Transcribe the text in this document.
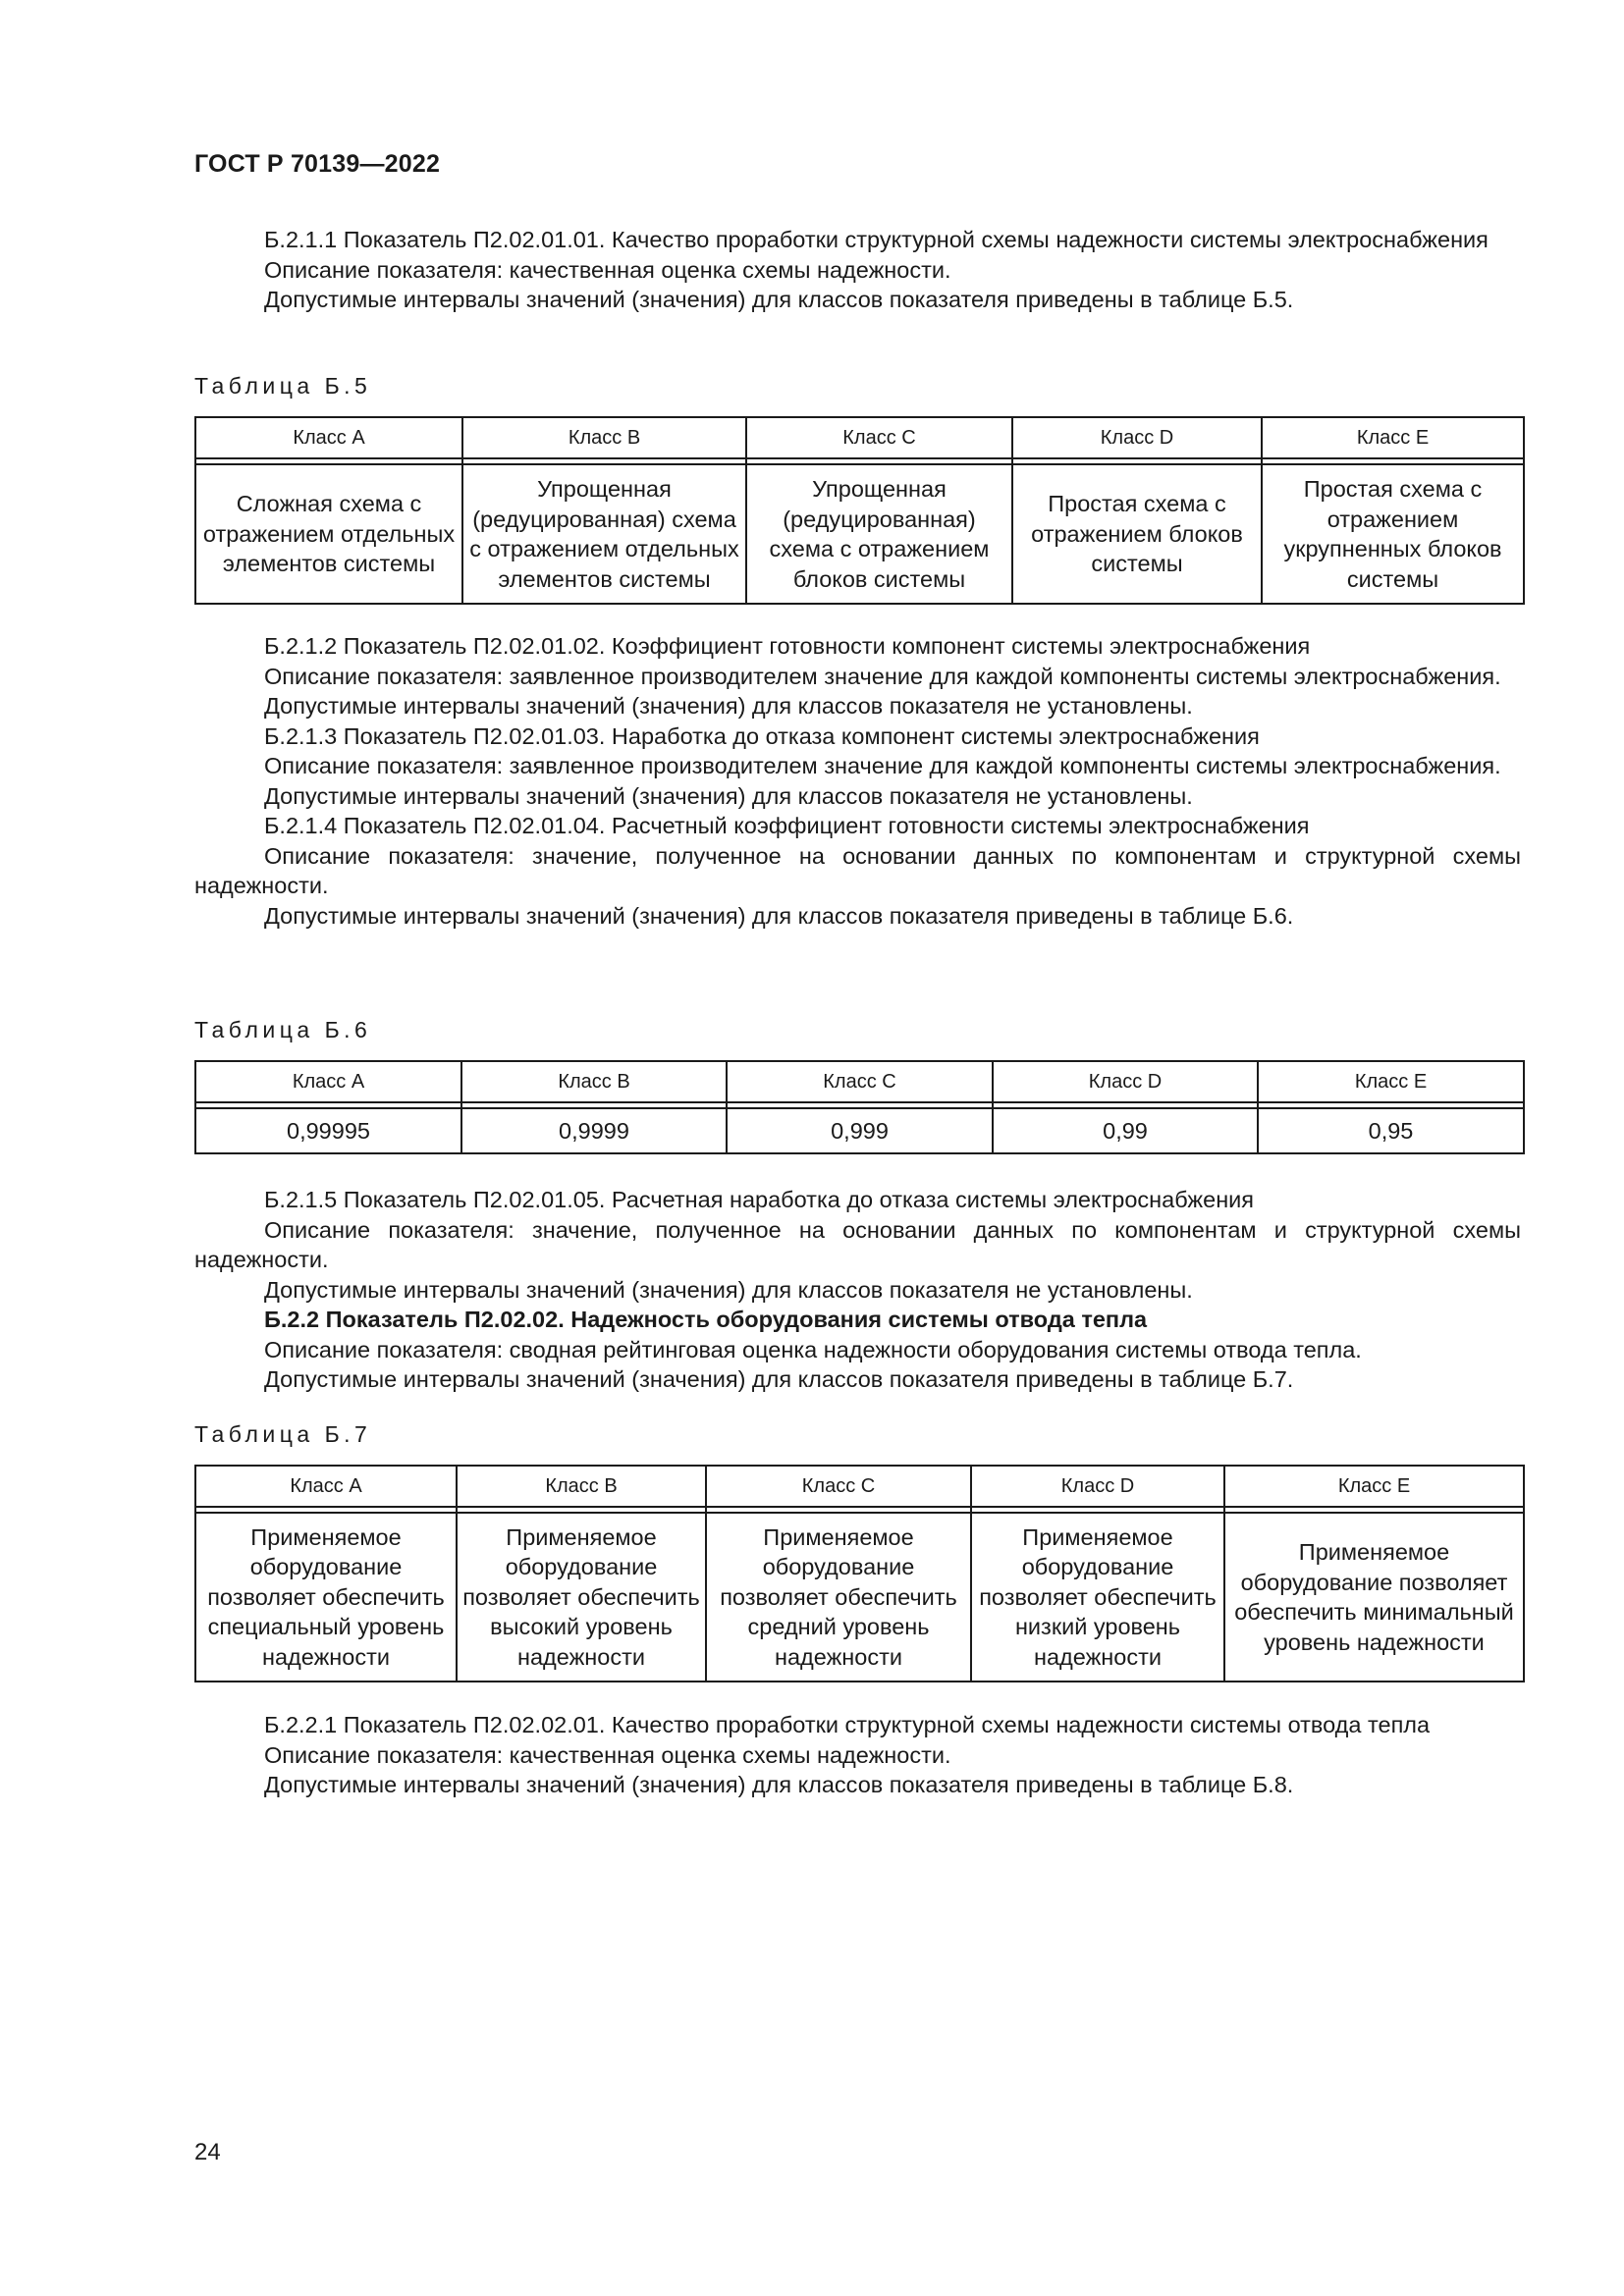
ГОСТ Р 70139—2022

Б.2.1.1 Показатель П2.02.01.01. Качество проработки структурной схемы надежности системы электроснабжения

Описание показателя: качественная оценка схемы надежности.

Допустимые интервалы значений (значения) для классов показателя приведены в таблице Б.5.

Таблица Б.5
Класс A	Класс B	Класс C	Класс D	Класс E

Сложная схема с отражением отдельных элементов системы	Упрощенная (редуцированная) схема с отражением отдельных элементов системы	Упрощенная (редуцированная) схема с отражением блоков системы	Простая схема с отражением блоков системы	Простая схема с отражением укрупненных блоков системы

Б.2.1.2 Показатель П2.02.01.02. Коэффициент готовности компонент системы электроснабжения

Описание показателя: заявленное производителем значение для каждой компоненты системы электроснабжения.

Допустимые интервалы значений (значения) для классов показателя не установлены.

Б.2.1.3 Показатель П2.02.01.03. Наработка до отказа компонент системы электроснабжения

Описание показателя: заявленное производителем значение для каждой компоненты системы электроснабжения.

Допустимые интервалы значений (значения) для классов показателя не установлены.

Б.2.1.4 Показатель П2.02.01.04. Расчетный коэффициент готовности системы электроснабжения

Описание показателя: значение, полученное на основании данных по компонентам и структурной схемы надежности.

Допустимые интервалы значений (значения) для классов показателя приведены в таблице Б.6.

Таблица Б.6
Класс A	Класс B	Класс C	Класс D	Класс E

0,99995	0,9999	0,999	0,99	0,95

Б.2.1.5 Показатель П2.02.01.05. Расчетная наработка до отказа системы электроснабжения

Описание показателя: значение, полученное на основании данных по компонентам и структурной схемы надежности.

Допустимые интервалы значений (значения) для классов показателя не установлены.

Б.2.2 Показатель П2.02.02. Надежность оборудования системы отвода тепла

Описание показателя: сводная рейтинговая оценка надежности оборудования системы отвода тепла.

Допустимые интервалы значений (значения) для классов показателя приведены в таблице Б.7.

Таблица Б.7
Класс A	Класс B	Класс C	Класс D	Класс E

Применяемое оборудование позволяет обеспечить специальный уровень надежности	Применяемое оборудование позволяет обеспечить высокий уровень надежности	Применяемое оборудование позволяет обеспечить средний уровень надежности	Применяемое оборудование позволяет обеспечить низкий уровень надежности	Применяемое оборудование позволяет обеспечить минимальный уровень надежности

Б.2.2.1 Показатель П2.02.02.01. Качество проработки структурной схемы надежности системы отвода тепла

Описание показателя: качественная оценка схемы надежности.

Допустимые интервалы значений (значения) для классов показателя приведены в таблице Б.8.

24
